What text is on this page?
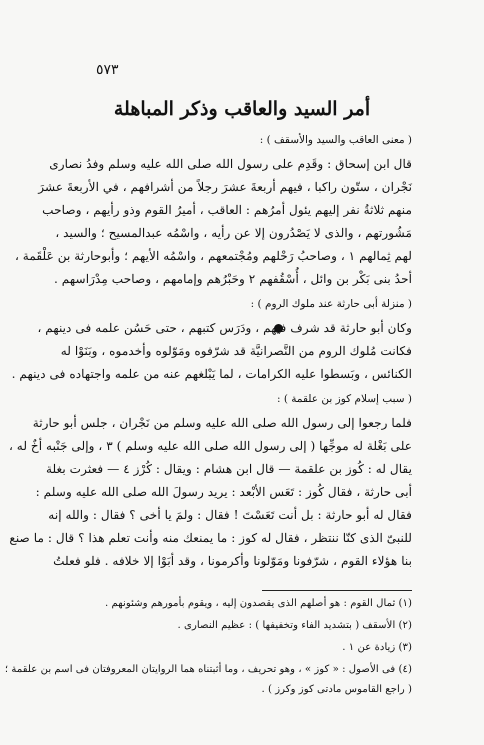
٥٧٣
أمر السيد والعاقب وذكر المباهلة
( معنى العاقب والسيد والأسقف ) :
قال ابن إسحاق : وقَدِم على رسول الله صلى الله عليه وسلم وفدُ نصارى
نَجْران ، ستّون راكبا ، فيهم أربعةَ عشرَ رجلاً من أشرافهم ، في الأربعةَ عشرَ
منهم ثلاثةُ نفر إليهم يئول أمرُهم : العاقب ، أميرُ القوم وذو رأيهم ، وصاحب
مَشُورتهم ، والذى لا يَصْدُرون إلا عن رأيه ، واسْمُه عبدالمسيح ؛ والسيد ،
لهم ثِمالهم ١ ، وصاحبُ رَحْلهم ومُجْتمعهم ، واسْمُه الأيهم ؛ وأبوحارثة بن عَلْقَمة ،
أحدُ بنى بَكْر بن وائل ، أُسْقُفهم ٢ وحَبْرُهم وإمامهم ، وصاحب مِدْرَاسهم .
( منزلة أبى حارثة عند ملوك الروم ) :
وكان أبو حارثة قد شرف فيهم ، ودَرَس كتبهم ، حتى حَسُن علمه فى دينهم ،
فكانت مُلوك الروم من النَّصرانيَّة قد شرّفوه ومَوّلوه وأخدموه ، وبَنَوْا له
الكنائس ، وبَسطوا عليه الكرامات ، لما يَبْلغهم عنه من علمه واجتهاده فى دينهم .
( سبب إسلام كوز بن علقمة ) :
فلما رجعوا إلى رسول الله صلى الله عليه وسلم من نَجْران ، جلس أبو حارثة
على بَغْلة له موجِّها ( إلى رسول الله صلى الله عليه وسلم ) ٣ ، وإلى جَنْبه أخٌ له ،
يقال له : كُوز بن علقمة — قال ابن هشام : ويقال : كُرْز ٤ — فعثرت بغلة
أبى حارثة ، فقال كُوز : تَعَس الأبْعد : يريد رسولَ الله صلى الله عليه وسلم :
فقال له أبو حارثة : بل أنت تَعَسْتَ ! فقال : ولمَ يا أخى ؟ فقال : والله إنه
للنبىّ الذى كنّا ننتظر ، فقال له كوز : ما يمنعك منه وأنت تعلم هذا ؟ قال : ما صنع
بنا هؤلاء القوم ، شرّفونا ومَوّلونا وأكرمونا ، وقد أبَوْا إلا خلافه . فلو فعلتُ
(١) ثمال القوم : هو أصلهم الذى يقصدون إليه ، ويقوم بأمورهم وشئونهم .
(٢) الأسقف ( بتشديد الفاء وتخفيفها ) : عظيم النصارى .
(٣) زيادة عن ١ .
(٤) فى الأصول : « كوز » ، وهو تحريف ، وما أثبتناه هما الروايتان المعروفتان فى اسم بن علقمة ؛
( راجع القاموس مادتى كوز وكرز ) .
